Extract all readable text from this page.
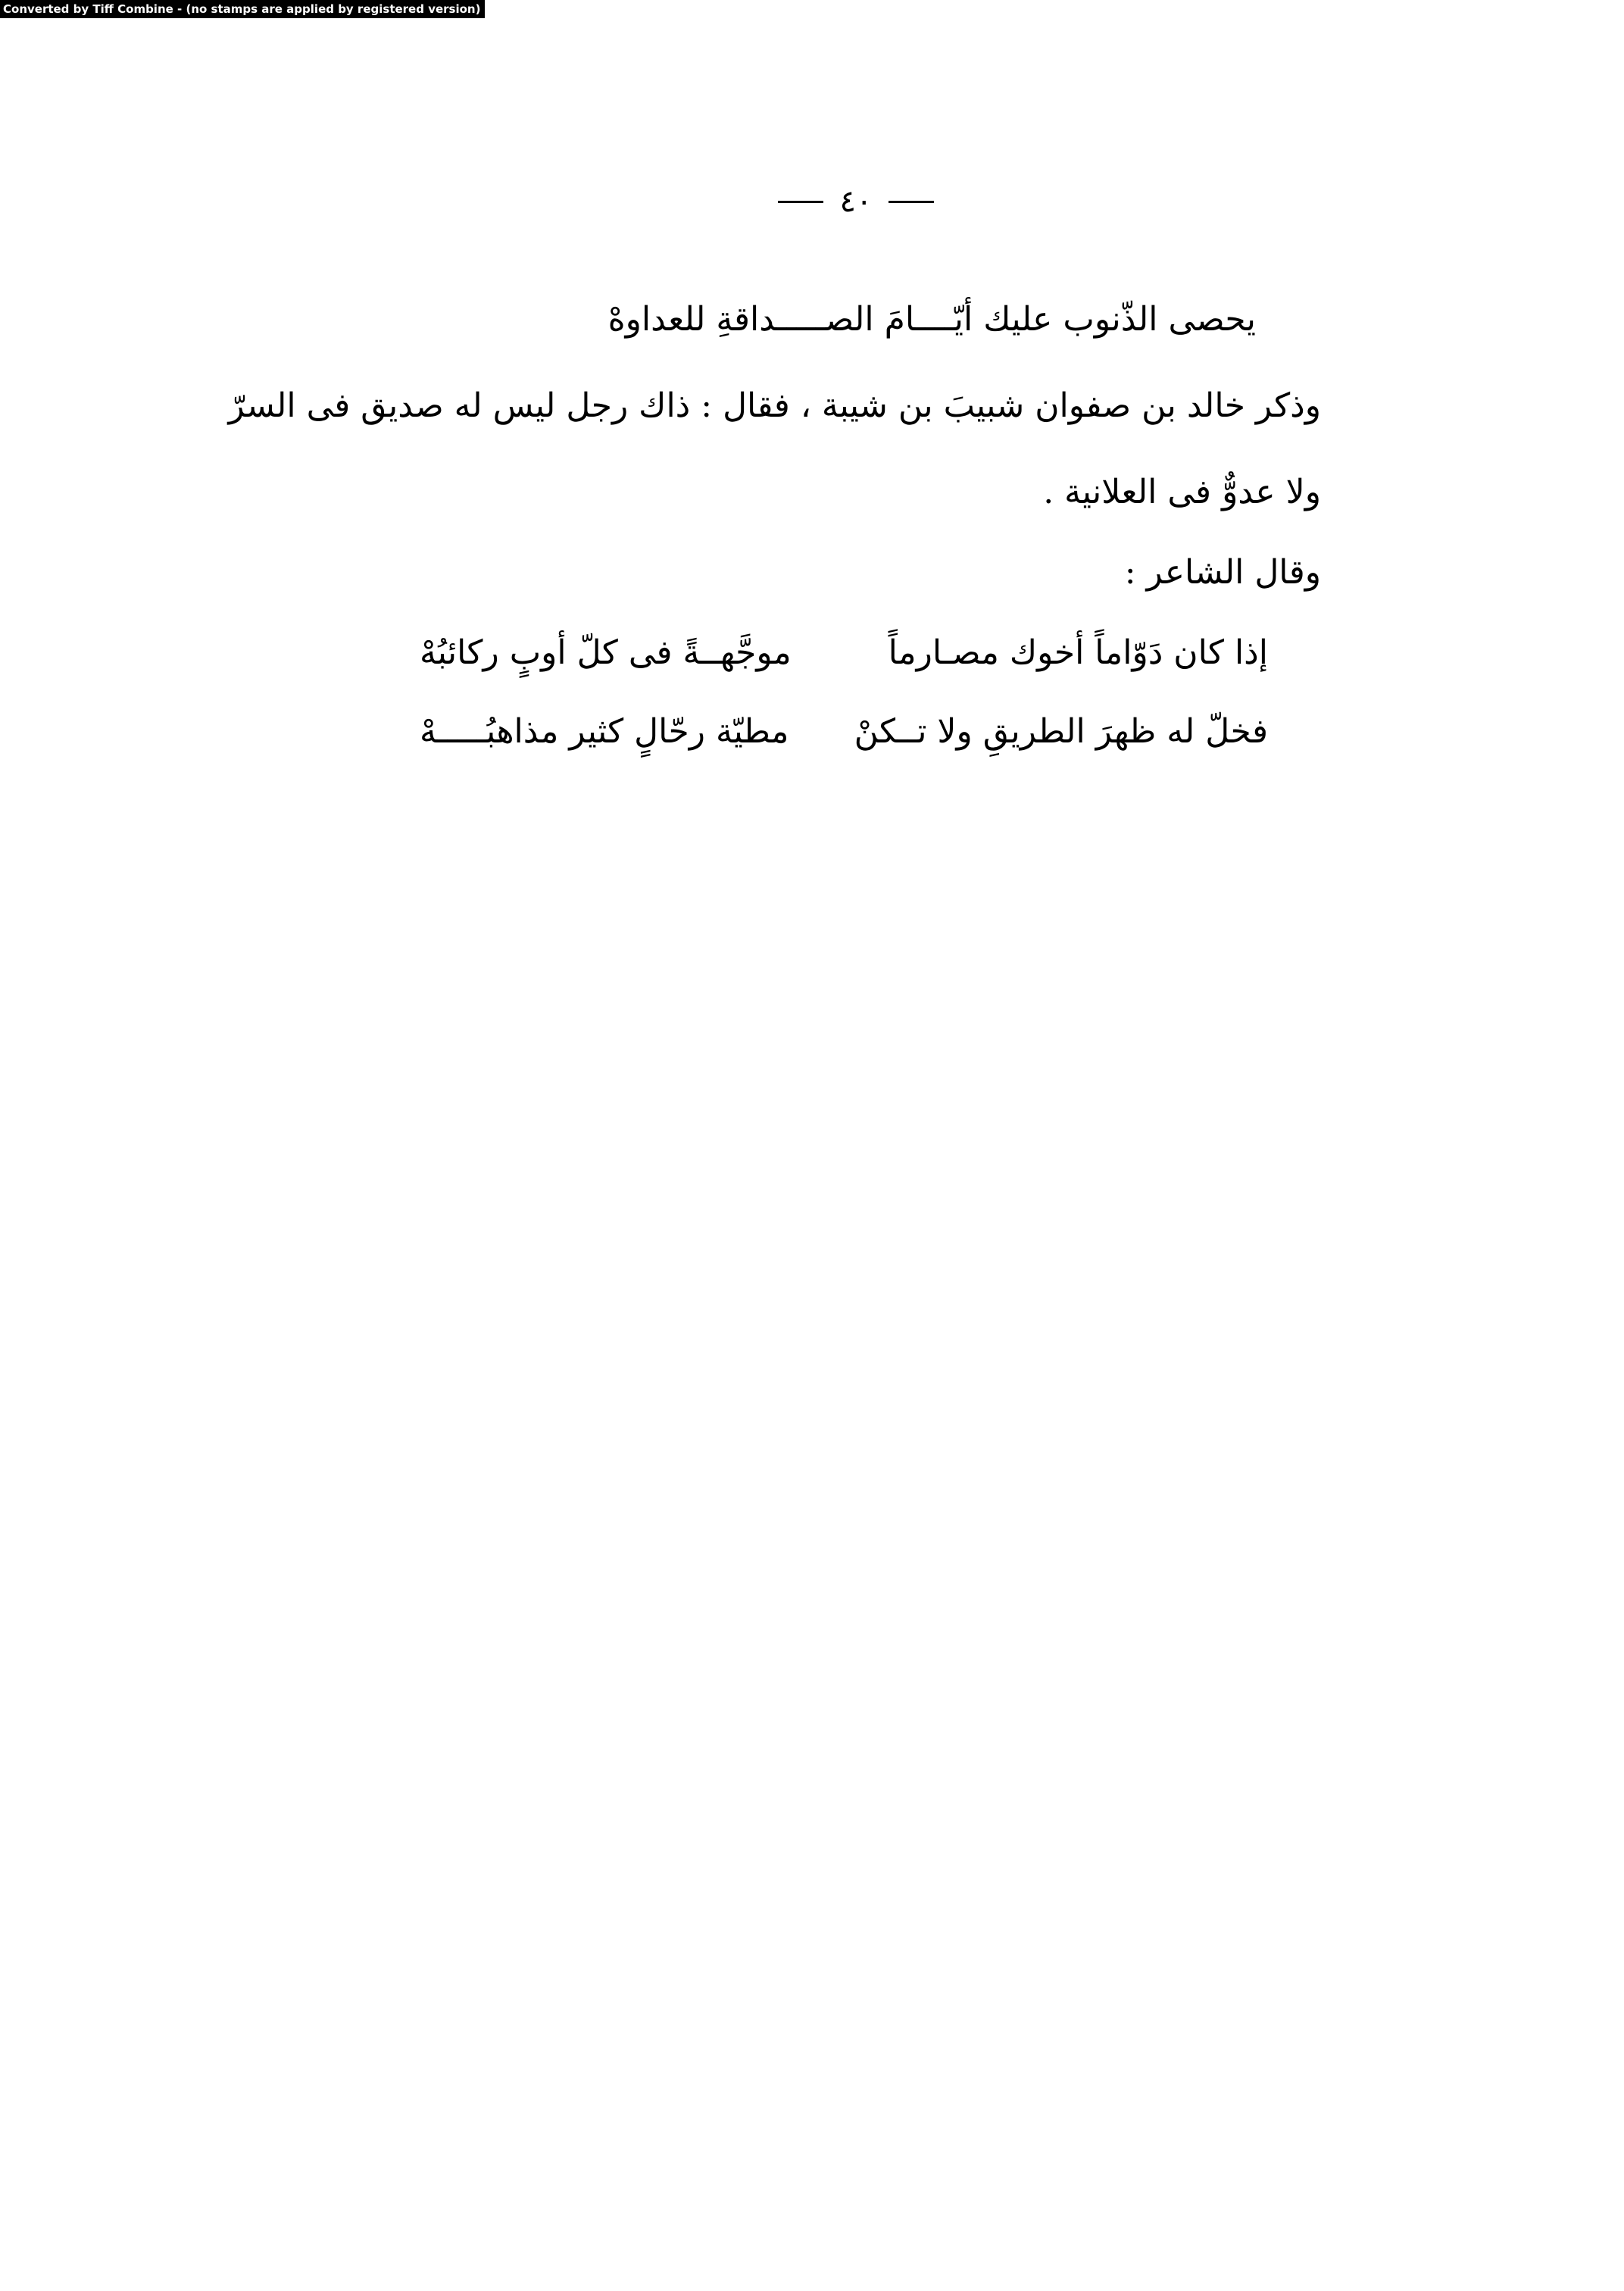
Converted by Tiff Combine - (no stamps are applied by registered version)
٤٠
يحصى الذّنوب عليك أيّــــامَ الصـــــداقةِ للعداوهْ
وذكر خالد بن صفوان شبيبَ بن شيبة ، فقال : ذاك رجل ليس له صديق فى السرّ
ولا عدوٌّ فى العلانية .
وقال الشاعر :
إذا كان دَوّاماً أخوك مصـارماً
موجَّهــةً فى كلّ أوبٍ ركائبُهْ
فخلّ له ظهرَ الطريقِ ولا تــكنْ
مطيّة رحّالٍ كثير مذاهبُـــــهْ
